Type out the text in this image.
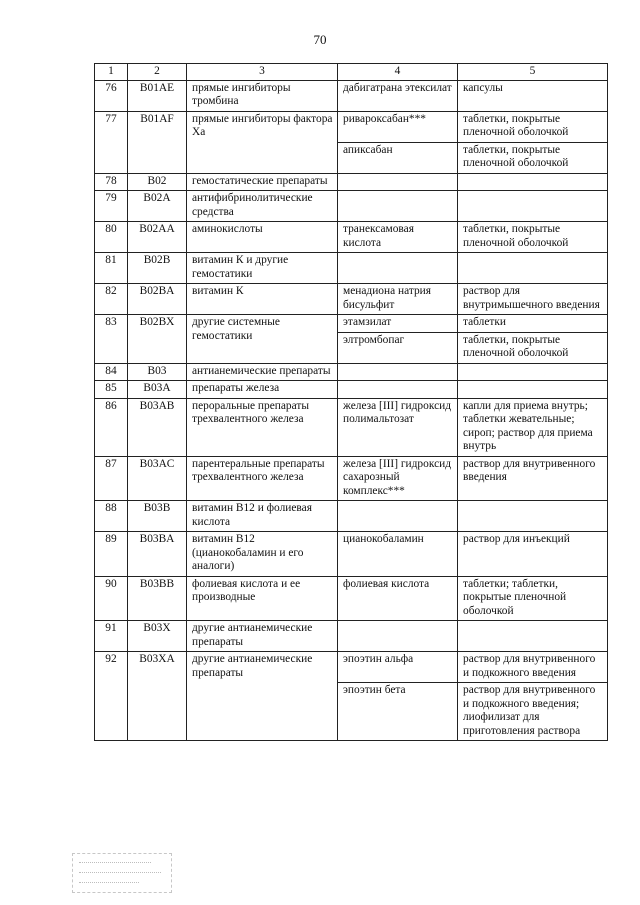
70
1	2	3	4	5
76	B01AE	прямые ингибиторы тромбина	дабигатрана этексилат	капсулы
77	B01AF	прямые ингибиторы фактора Xa	ривароксабан***	таблетки, покрытые пленочной оболочкой
			апиксабан	таблетки, покрытые пленочной оболочкой
78	B02	гемостатические препараты		
79	B02A	антифибринолитические средства		
80	B02AA	аминокислоты	транексамовая кислота	таблетки, покрытые пленочной оболочкой
81	B02B	витамин К и другие гемостатики		
82	B02BA	витамин К	менадиона натрия бисульфит	раствор для внутримышечного введения
83	B02BX	другие системные гемостатики	этамзилат	таблетки
			элтромбопаг	таблетки, покрытые пленочной оболочкой
84	B03	антианемические препараты		
85	B03A	препараты железа		
86	B03AB	пероральные препараты трехвалентного железа	железа [III] гидроксид полимальтозат	капли для приема внутрь; таблетки жевательные; сироп; раствор для приема внутрь
87	B03AC	парентеральные препараты трехвалентного железа	железа [III] гидроксид сахарозный комплекс***	раствор для внутривенного введения
88	B03B	витамин B12 и фолиевая кислота		
89	B03BA	витамин B12 (цианокобаламин и его аналоги)	цианокобаламин	раствор для инъекций
90	B03BB	фолиевая кислота и ее производные	фолиевая кислота	таблетки; таблетки, покрытые пленочной оболочкой
91	B03X	другие антианемические препараты		
92	B03XA	другие антианемические препараты	эпоэтин альфа	раствор для внутривенного и подкожного введения
			эпоэтин бета	раствор для внутривенного и подкожного введения; лиофилизат для приготовления раствора
